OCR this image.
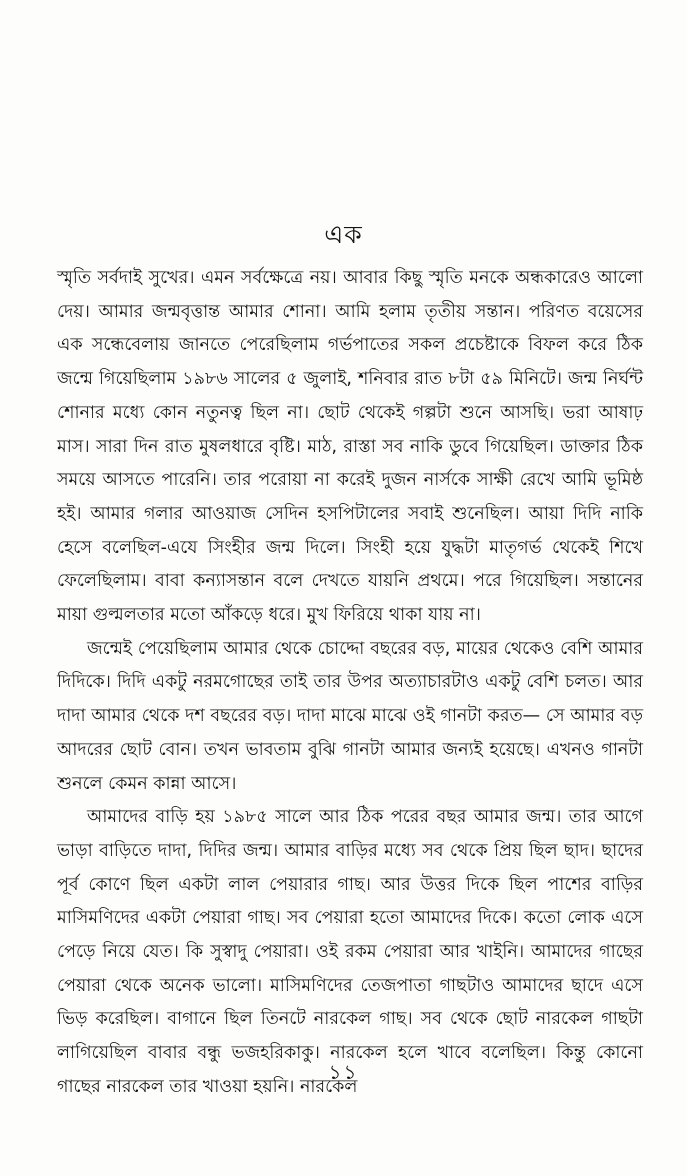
এক

স্মৃতি সর্বদাই সুখের। এমন সর্বক্ষেত্রে নয়। আবার কিছু স্মৃতি মনকে অন্ধকারেও আলো দেয়। আমার জন্মবৃত্তান্ত আমার শোনা। আমি হলাম তৃতীয় সন্তান। পরিণত বয়েসের এক সন্ধেবেলায় জানতে পেরেছিলাম গর্ভপাতের সকল প্রচেষ্টাকে বিফল করে ঠিক জন্মে গিয়েছিলাম ১৯৮৬ সালের ৫ জুলাই, শনিবার রাত ৮টা ৫৯ মিনিটে। জন্ম নির্ঘন্ট শোনার মধ্যে কোন নতুনত্ব ছিল না। ছোট থেকেই গল্পটা শুনে আসছি। ভরা আষাঢ় মাস। সারা দিন রাত মুষলধারে বৃষ্টি। মাঠ, রাস্তা সব নাকি ডুবে গিয়েছিল। ডাক্তার ঠিক সময়ে আসতে পারেনি। তার পরোয়া না করেই দুজন নার্সকে সাক্ষী রেখে আমি ভূমিষ্ঠ হই। আমার গলার আওয়াজ সেদিন হসপিটালের সবাই শুনেছিল। আয়া দিদি নাকি হেসে বলেছিল-এযে সিংহীর জন্ম দিলে। সিংহী হয়ে যুদ্ধটা মাতৃগর্ভ থেকেই শিখে ফেলেছিলাম। বাবা কন্যাসন্তান বলে দেখতে যায়নি প্রথমে। পরে গিয়েছিল। সন্তানের মায়া গুল্মলতার মতো আঁকড়ে ধরে। মুখ ফিরিয়ে থাকা যায় না।

জন্মেই পেয়েছিলাম আমার থেকে চোদ্দো বছরের বড়, মায়ের থেকেও বেশি আমার দিদিকে। দিদি একটু নরমগোছের তাই তার উপর অত্যাচারটাও একটু বেশি চলত। আর দাদা আমার থেকে দশ বছরের বড়। দাদা মাঝে মাঝে ওই গানটা করত— সে আমার বড় আদরের ছোট বোন। তখন ভাবতাম বুঝি গানটা আমার জন্যই হয়েছে। এখনও গানটা শুনলে কেমন কান্না আসে।

আমাদের বাড়ি হয় ১৯৮৫ সালে আর ঠিক পরের বছর আমার জন্ম। তার আগে ভাড়া বাড়িতে দাদা, দিদির জন্ম। আমার বাড়ির মধ্যে সব থেকে প্রিয় ছিল ছাদ। ছাদের পূর্ব কোণে ছিল একটা লাল পেয়ারার গাছ। আর উত্তর দিকে ছিল পাশের বাড়ির মাসিমণিদের একটা পেয়ারা গাছ। সব পেয়ারা হতো আমাদের দিকে। কতো লোক এসে পেড়ে নিয়ে যেত। কি সুস্বাদু পেয়ারা। ওই রকম পেয়ারা আর খাইনি। আমাদের গাছের পেয়ারা থেকে অনেক ভালো। মাসিমণিদের তেজপাতা গাছটাও আমাদের ছাদে এসে ভিড় করেছিল। বাগানে ছিল তিনটে নারকেল গাছ। সব থেকে ছোট নারকেল গাছটা লাগিয়েছিল বাবার বন্ধু ভজহরিকাকু। নারকেল হলে খাবে বলেছিল। কিন্তু কোনো গাছের নারকেল তার খাওয়া হয়নি। নারকেল

১১
